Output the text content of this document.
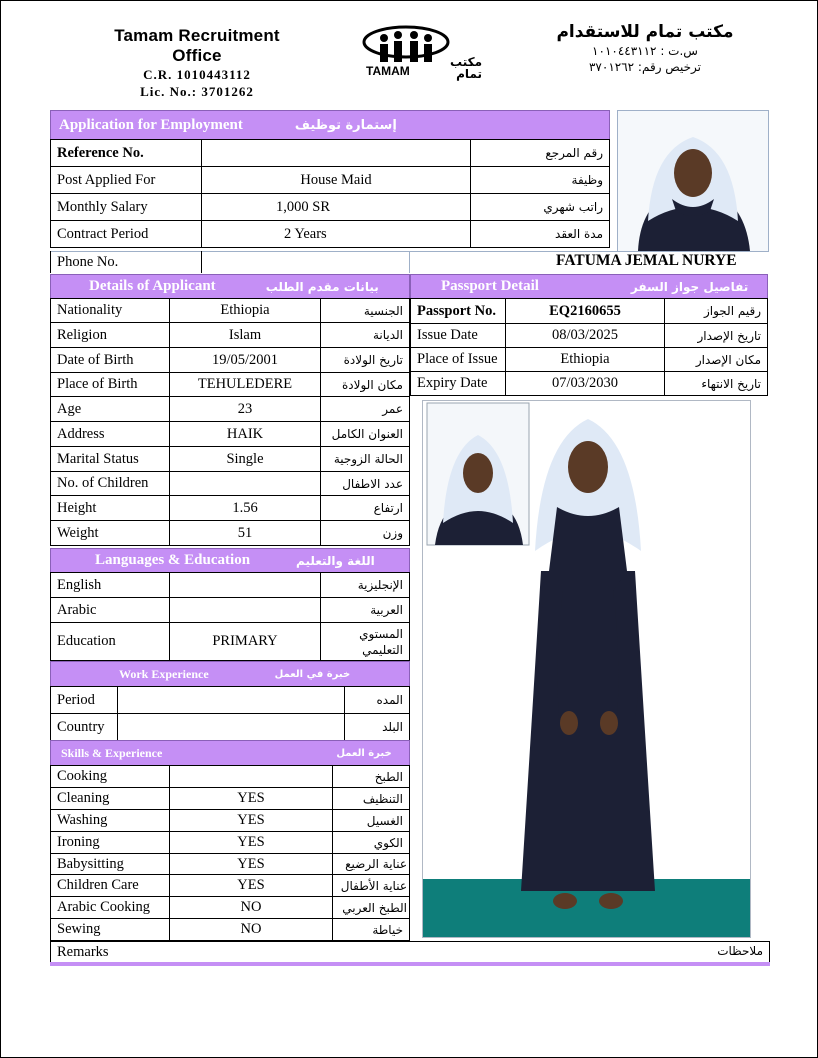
Tamam Recruitment Office
C.R. 1010443112
Lic. No.: 3701262
TAMAM
مكتب تمام
مكتب تمام للاستقدام
س.ت : ١٠١٠٤٤٣١١٢
ترخيص رقم: ٣٧٠١٢٦٢
Application for Employment	إستمارة توظيف
Reference No.		رقم المرجع
Post Applied For	House Maid	وظيفة
Monthly Salary	1,000 SR	راتب شهري
Contract Period	2 Years	مدة العقد
Phone No.		FATUMA JEMAL NURYE
Details of Applicant	بيانات مقدم الطلب
Nationality	Ethiopia	الجنسية
Religion	Islam	الديانة
Date of Birth	19/05/2001	تاريخ الولادة
Place of Birth	TEHULEDERE	مكان الولادة
Age	23	عمر
Address	HAIK	العنوان الكامل
Marital Status	Single	الحالة الزوجية
No. of Children		عدد الاطفال
Height	1.56	ارتفاع
Weight	51	وزن
Passport Detail	تفاصيل جواز السفر
Passport No.	EQ2160655	رقيم الجواز
Issue Date	08/03/2025	تاريخ الإصدار
Place of Issue	Ethiopia	مكان الإصدار
Expiry Date	07/03/2030	تاريخ الانتهاء
Languages & Education	اللغة والتعليم
English		الإنجليزية
Arabic		العربية
Education	PRIMARY	المستوي
التعليمي
Work Experience	خبرة في العمل
Period		المده
Country		البلد
Skills & Experience	خبرة العمل
Cooking		الطبخ
Cleaning	YES	التنظيف
Washing	YES	الغسيل
Ironing	YES	الكوي
Babysitting	YES	عناية الرضيع
Children Care	YES	عناية الأطفال
Arabic Cooking	NO	الطبخ العربي
Sewing	NO	خياطة
Remarks	ملاحظات
